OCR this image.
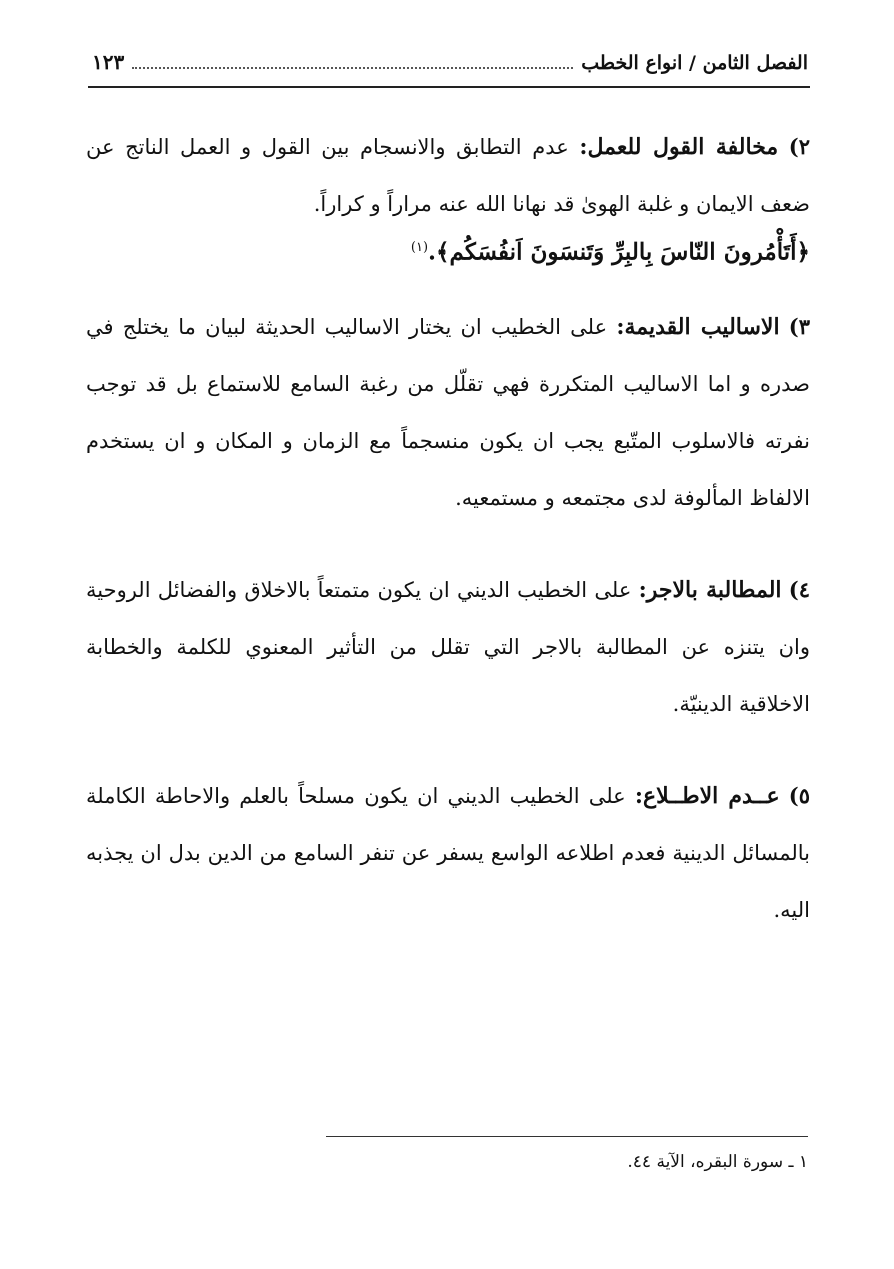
الفصل الثامن / انواع الخطب
١٢٣

٢) مخالفة القول للعمل: عدم التطابق والانسجام بين القول و العمل الناتج عن ضعف الايمان و غلبة الهوىٰ قد نهانا الله عنه مراراً و كراراً.
﴿أَتَأْمُرونَ النّاسَ بِالبِرِّ وَتَنسَونَ اَنفُسَكُم﴾.$^{(١)}$

٣) الاساليب القديمة: على الخطيب ان يختار الاساليب الحديثة لبيان ما يختلج في صدره و اما الاساليب المتكررة فهي تقلّل من رغبة السامع للاستماع بل قد توجب نفرته فالاسلوب المتّبع يجب ان يكون منسجماً مع الزمان و المكان و ان يستخدم الالفاظ المألوفة لدى مجتمعه و مستمعيه.

٤) المطالبة بالاجر: على الخطيب الديني ان يكون متمتعاً بالاخلاق والفضائل الروحية وان يتنزه عن المطالبة بالاجر التي تقلل من التأثير المعنوي للكلمة والخطابة الاخلاقية الدينيّة.

٥) عــدم الاطــلاع: على الخطيب الديني ان يكون مسلحاً بالعلم والاحاطة الكاملة بالمسائل الدينية فعدم اطلاعه الواسع يسفر عن تنفر السامع من الدين بدل ان يجذبه اليه.

١ ـ سورة البقره، الآية ٤٤.
